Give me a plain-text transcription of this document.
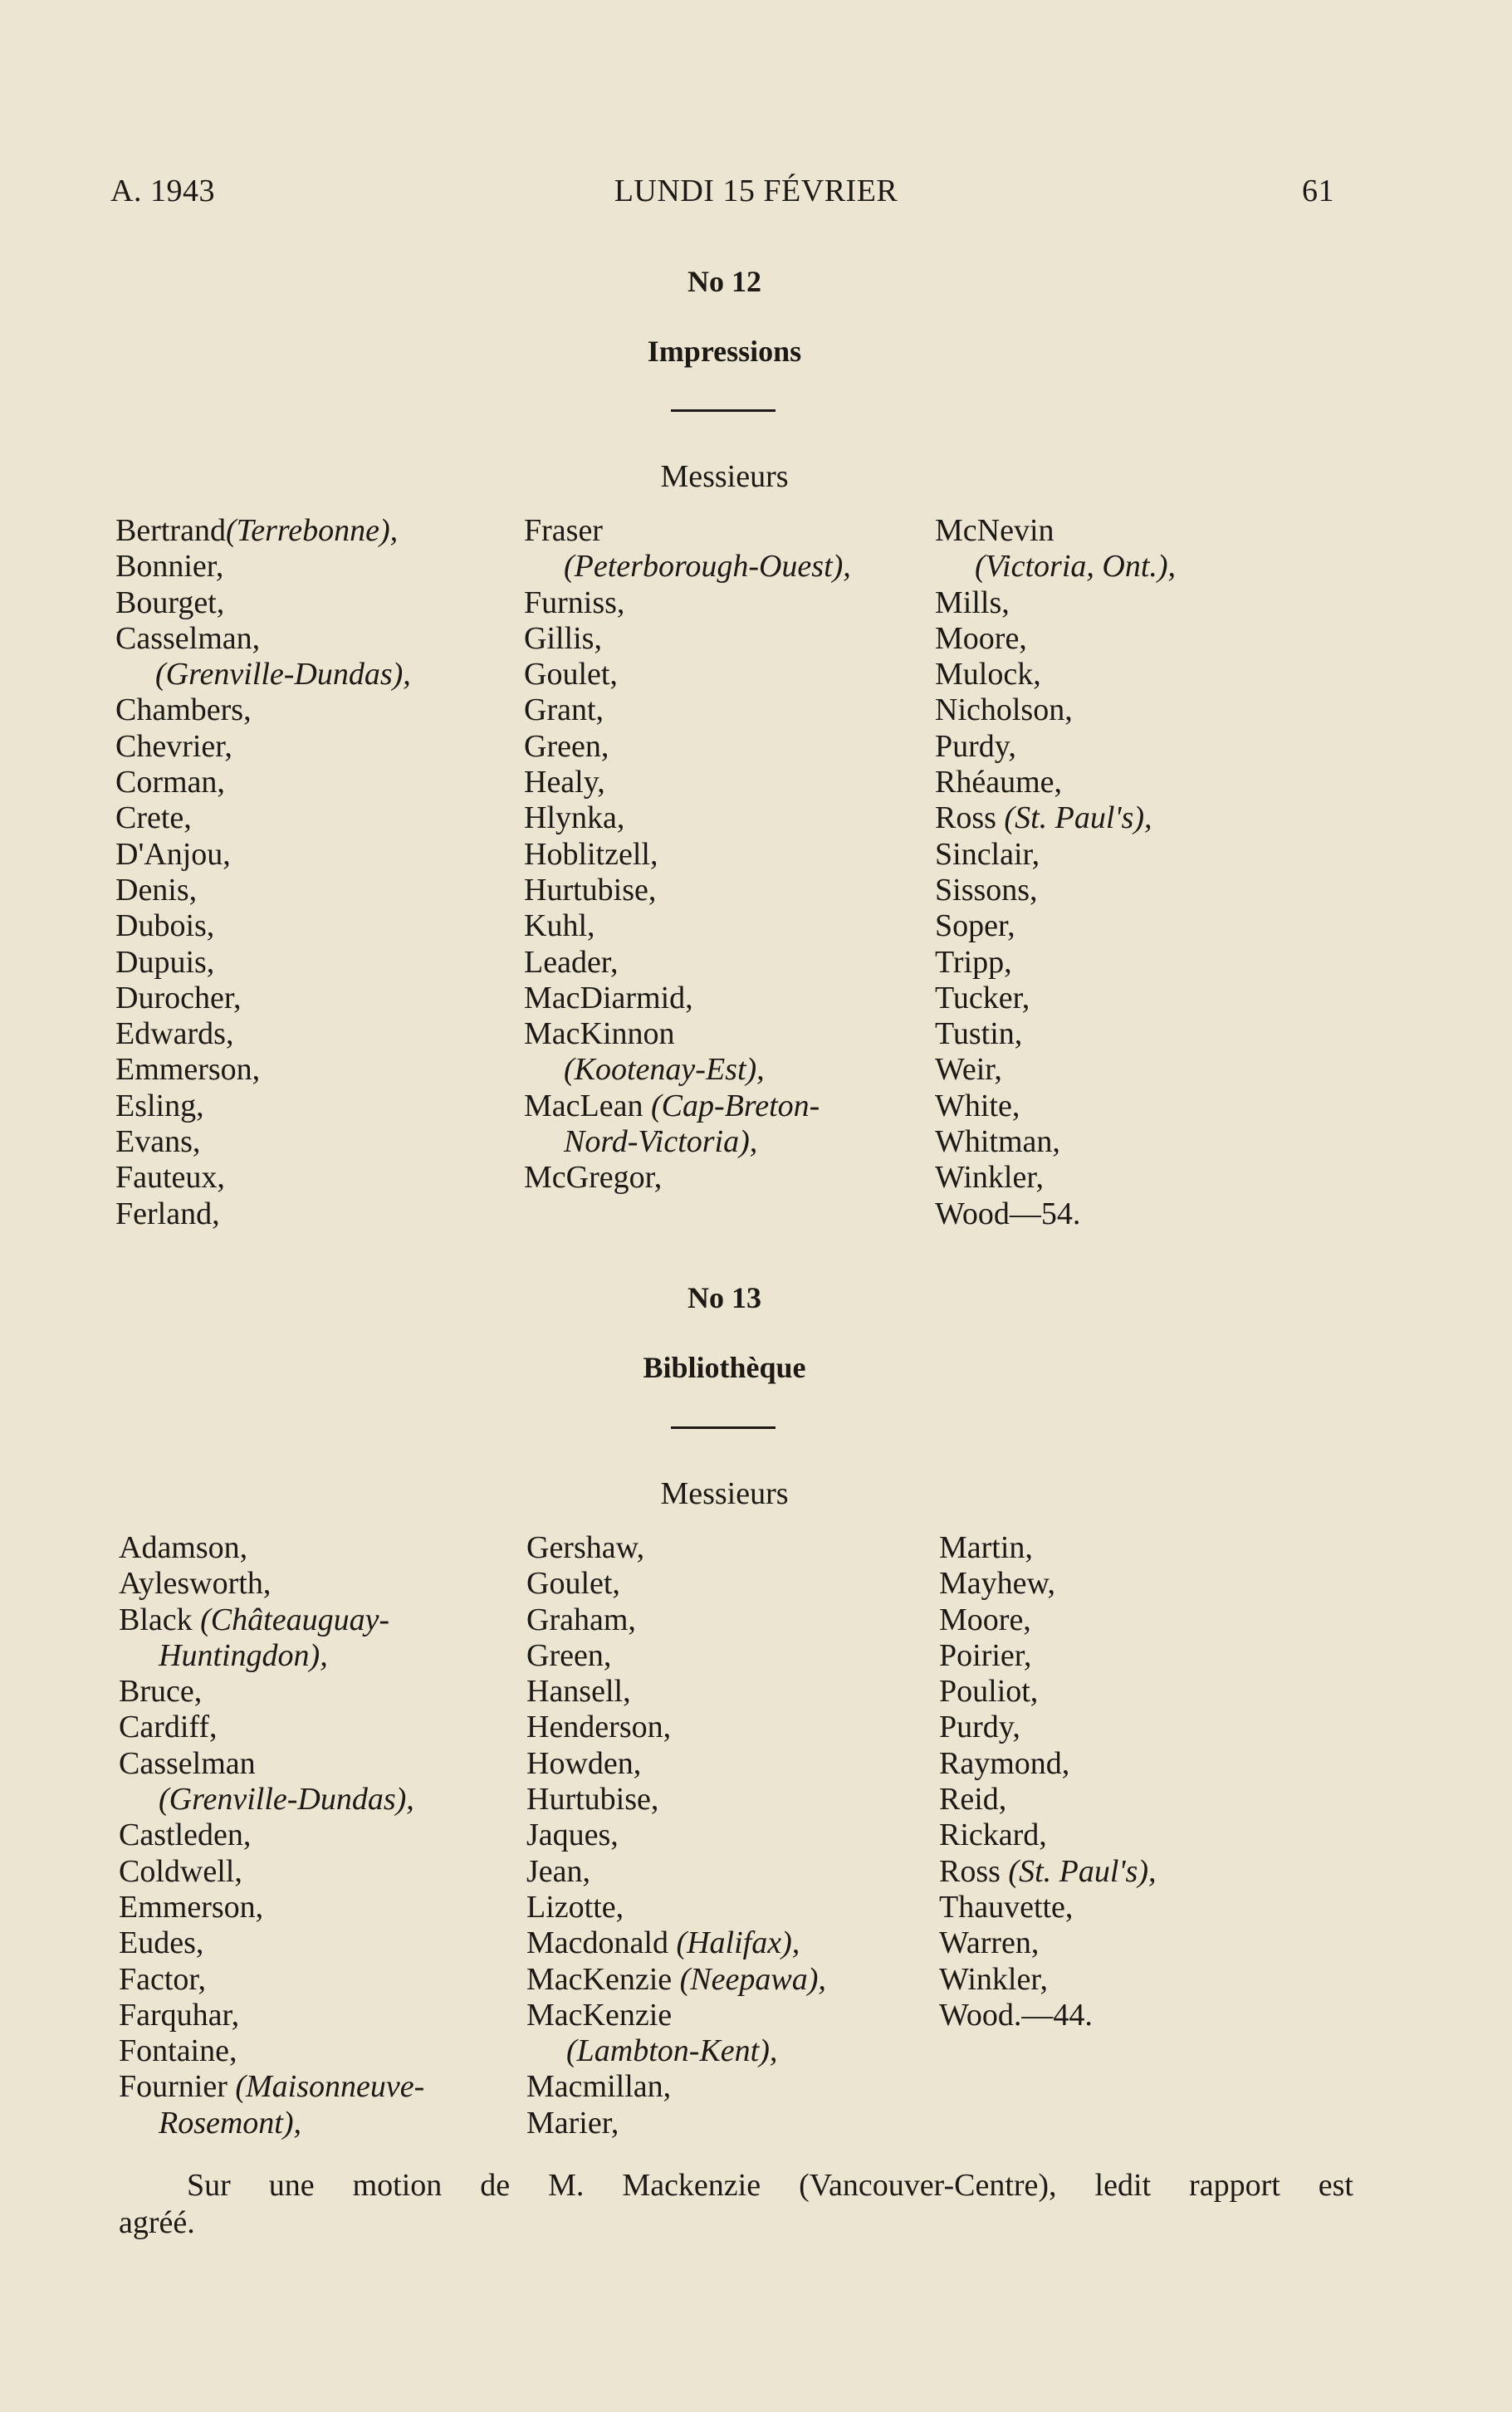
A. 1943	LUNDI 15 FÉVRIER	61
No 12
Impressions
Messieurs
Bertrand(Terrebonne),
Bonnier,
Bourget,
Casselman,
(Grenville-Dundas),
Chambers,
Chevrier,
Corman,
Crete,
D'Anjou,
Denis,
Dubois,
Dupuis,
Durocher,
Edwards,
Emmerson,
Esling,
Evans,
Fauteux,
Ferland,
Fraser
(Peterborough-Ouest),
Furniss,
Gillis,
Goulet,
Grant,
Green,
Healy,
Hlynka,
Hoblitzell,
Hurtubise,
Kuhl,
Leader,
MacDiarmid,
MacKinnon
(Kootenay-Est),
MacLean (Cap-Breton-
Nord-Victoria),
McGregor,
McNevin
(Victoria, Ont.),
Mills,
Moore,
Mulock,
Nicholson,
Purdy,
Rhéaume,
Ross (St. Paul's),
Sinclair,
Sissons,
Soper,
Tripp,
Tucker,
Tustin,
Weir,
White,
Whitman,
Winkler,
Wood—54.
No 13
Bibliothèque
Messieurs
Adamson,
Aylesworth,
Black (Châteauguay-
Huntingdon),
Bruce,
Cardiff,
Casselman
(Grenville-Dundas),
Castleden,
Coldwell,
Emmerson,
Eudes,
Factor,
Farquhar,
Fontaine,
Fournier (Maisonneuve-
Rosemont),
Gershaw,
Goulet,
Graham,
Green,
Hansell,
Henderson,
Howden,
Hurtubise,
Jaques,
Jean,
Lizotte,
Macdonald (Halifax),
MacKenzie (Neepawa),
MacKenzie
(Lambton-Kent),
Macmillan,
Marier,
Martin,
Mayhew,
Moore,
Poirier,
Pouliot,
Purdy,
Raymond,
Reid,
Rickard,
Ross (St. Paul's),
Thauvette,
Warren,
Winkler,
Wood.—44.
Sur une motion de M. Mackenzie (Vancouver-Centre), ledit rapport est
agréé.
